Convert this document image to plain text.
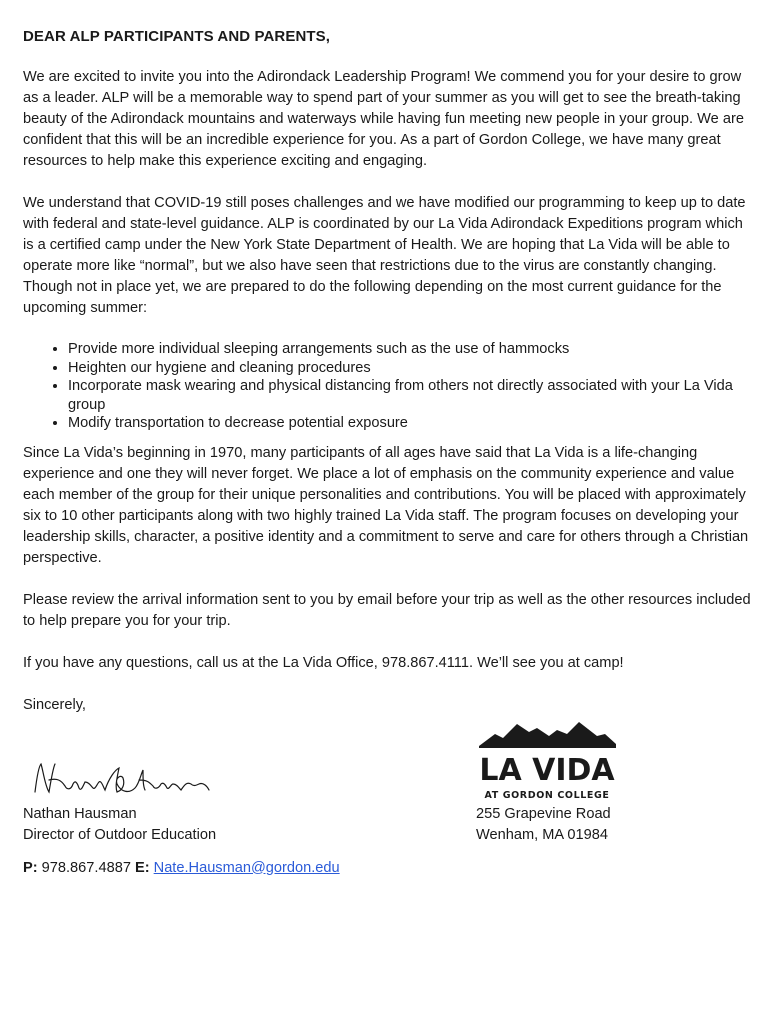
DEAR ALP PARTICIPANTS AND PARENTS,

We are excited to invite you into the Adirondack Leadership Program! We commend you for your desire to grow as a leader. ALP will be a memorable way to spend part of your summer as you will get to see the breath-taking beauty of the Adirondack mountains and waterways while having fun meeting new people in your group. We are confident that this will be an incredible experience for you. As a part of Gordon College, we have many great resources to help make this experience exciting and engaging.

We understand that COVID-19 still poses challenges and we have modified our programming to keep up to date with federal and state-level guidance. ALP is coordinated by our La Vida Adirondack Expeditions program which is a certified camp under the New York State Department of Health. We are hoping that La Vida will be able to operate more like “normal”, but we also have seen that restrictions due to the virus are constantly changing. Though not in place yet, we are prepared to do the following depending on the most current guidance for the upcoming summer:

• Provide more individual sleeping arrangements such as the use of hammocks
• Heighten our hygiene and cleaning procedures
• Incorporate mask wearing and physical distancing from others not directly associated with your La Vida group
• Modify transportation to decrease potential exposure

Since La Vida’s beginning in 1970, many participants of all ages have said that La Vida is a life-changing experience and one they will never forget. We place a lot of emphasis on the community experience and value each member of the group for their unique personalities and contributions. You will be placed with approximately six to 10 other participants along with two highly trained La Vida staff. The program focuses on developing your leadership skills, character, a positive identity and a commitment to serve and care for others through a Christian perspective.

Please review the arrival information sent to you by email before your trip as well as the other resources included to help prepare you for your trip.

If you have any questions, call us at the La Vida Office, 978.867.4111. We’ll see you at camp!

Sincerely,

LA VIDA
AT GORDON COLLEGE
Nathan Hausman
Director of Outdoor Education
255 Grapevine Road
Wenham, MA 01984
P: 978.867.4887 E: Nate.Hausman@gordon.edu
